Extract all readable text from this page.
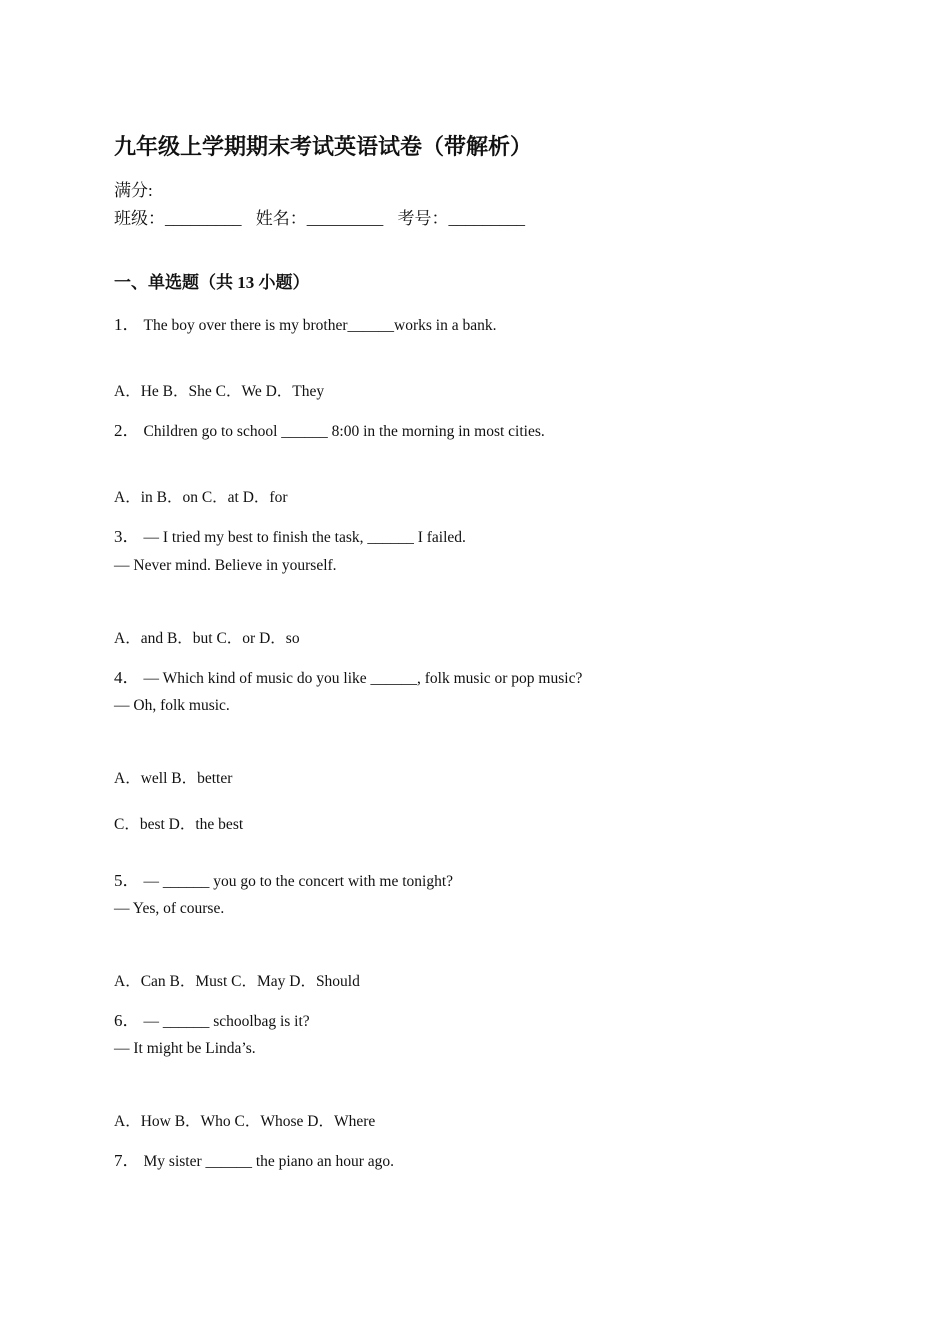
九年级上学期期末考试英语试卷（带解析）
满分:
班级：_________ 姓名：_________ 考号：_________
一、单选题（共 13 小题）
1． The boy over there is my brother______works in a bank.
A．He B．She C．We D．They
2． Children go to school ______ 8:00 in the morning in most cities.
A．in B．on C．at D．for
3． — I tried my best to finish the task, ______ I failed.
— Never mind. Believe in yourself.
A．and B．but C．or D．so
4． — Which kind of music do you like ______, folk music or pop music?
— Oh, folk music.
A．well B．better
C．best D．the best
5． — ______ you go to the concert with me tonight?
— Yes, of course.
A．Can B．Must C．May D．Should
6． — ______ schoolbag is it?
— It might be Linda’s.
A．How B．Who C．Whose D．Where
7． My sister ______ the piano an hour ago.
